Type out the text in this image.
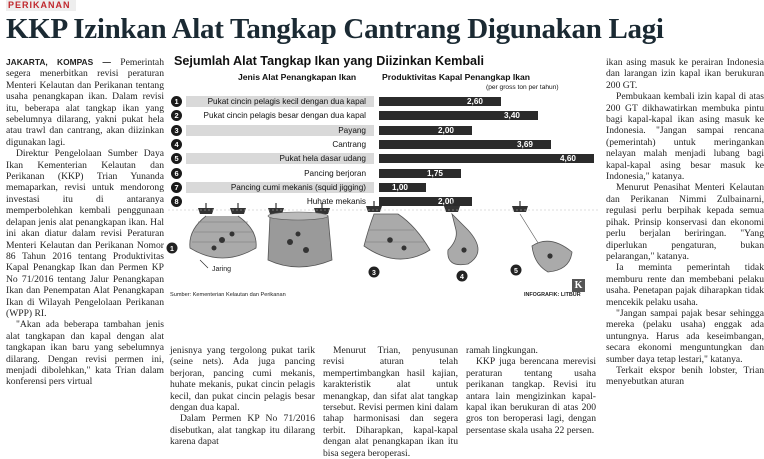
PERIKANAN
KKP Izinkan Alat Tangkap Cantrang Digunakan Lagi

JAKARTA, KOMPAS — Pemerintah segera menerbitkan revisi peraturan Menteri Kelautan dan Perikanan tentang usaha penangkapan ikan. Dalam revisi itu, beberapa alat tangkap ikan yang sebelumnya dilarang, yakni pukat hela atau trawl dan cantrang, akan diizinkan digunakan lagi.

Direktur Pengelolaan Sumber Daya Ikan Kementerian Kelautan dan Perikanan (KKP) Trian Yunanda memaparkan, revisi untuk mendorong investasi itu di antaranya memperbolehkan kembali penggunaan delapan jenis alat penangkapan ikan. Hal ini akan diatur dalam revisi Peraturan Menteri Kelautan dan Perikanan Nomor 86 Tahun 2016 tentang Produktivitas Kapal Penangkap Ikan dan Permen KP No 71/2016 tentang Jalur Penangkapan Ikan dan Penempatan Alat Penangkapan Ikan di Wilayah Pengelolaan Perikanan (WPP) RI.

"Akan ada beberapa tambahan jenis alat tangkapan dan kapal dengan alat tangkapan ikan baru yang sebelumnya dilarang. Dengan revisi permen ini, menjadi dibolehkan," kata Trian dalam konferensi pers virtual

Sejumlah Alat Tangkap Ikan yang Diizinkan Kembali
Jenis Alat Penangkapan Ikan	Produktivitas Kapal Penangkap Ikan
(per gross ton per tahun)
1	Pukat cincin pelagis kecil dengan dua kapal	2,60
2	Pukat cincin pelagis besar dengan dua kapal	3,40
3	Payang	2,00
4	Cantrang	3,69
5	Pukat hela dasar udang	4,60
6	Pancing berjoran	1,75
7	Pancing cumi mekanis (squid jigging)	1,00
8	Huhate mekanis	2,00
Jaring
1
3
4
5
Sumber: Kementerian Kelautan dan Perikanan
K
INFOGRAFIK: LITBUR

jenisnya yang tergolong pukat tarik (seine nets). Ada juga pancing berjoran, pancing cumi mekanis, huhate mekanis, pukat cincin pelagis kecil, dan pukat cincin pelagis besar dengan dua kapal.

Dalam Permen KP No 71/2016 disebutkan, alat tangkap itu dilarang karena dapat

Menurut Trian, penyusunan revisi aturan telah mempertimbangkan hasil kajian, karakteristik alat untuk menangkap, dan sifat alat tangkap tersebut. Revisi permen kini dalam tahap harmonisasi dan segera terbit. Diharapkan, kapal-kapal dengan alat penangkapan ikan itu bisa segera beroperasi.

ramah lingkungan.

KKP juga berencana merevisi peraturan tentang usaha perikanan tangkap. Revisi itu antara lain mengizinkan kapal-kapal ikan berukuran di atas 200 gros ton beroperasi lagi, dengan persentase skala usaha 22 persen.

ikan asing masuk ke perairan Indonesia dan larangan izin kapal ikan berukuran 200 GT.

Pembukaan kembali izin kapal di atas 200 GT dikhawatirkan membuka pintu bagi kapal-kapal ikan asing masuk ke Indonesia. "Jangan sampai rencana (pemerintah) untuk meringankan nelayan malah menjadi lubang bagi kapal-kapal asing besar masuk ke Indonesia," katanya.

Menurut Penasihat Menteri Kelautan dan Perikanan Nimmi Zulbainarni, regulasi perlu berpihak kepada semua pihak. Prinsip konservasi dan ekonomi perlu berjalan beriringan. "Yang diperlukan pengaturan, bukan pelarangan," katanya.

Ia meminta pemerintah tidak memburu rente dan membebani pelaku usaha. Penetapan pajak diharapkan tidak mencekik pelaku usaha.

"Jangan sampai pajak besar sehingga mereka (pelaku usaha) enggak ada untungnya. Harus ada keseimbangan, secara ekonomi menguntungkan dan sumber daya tetap lestari," katanya.

Terkait ekspor benih lobster, Trian menyebutkan aturan
